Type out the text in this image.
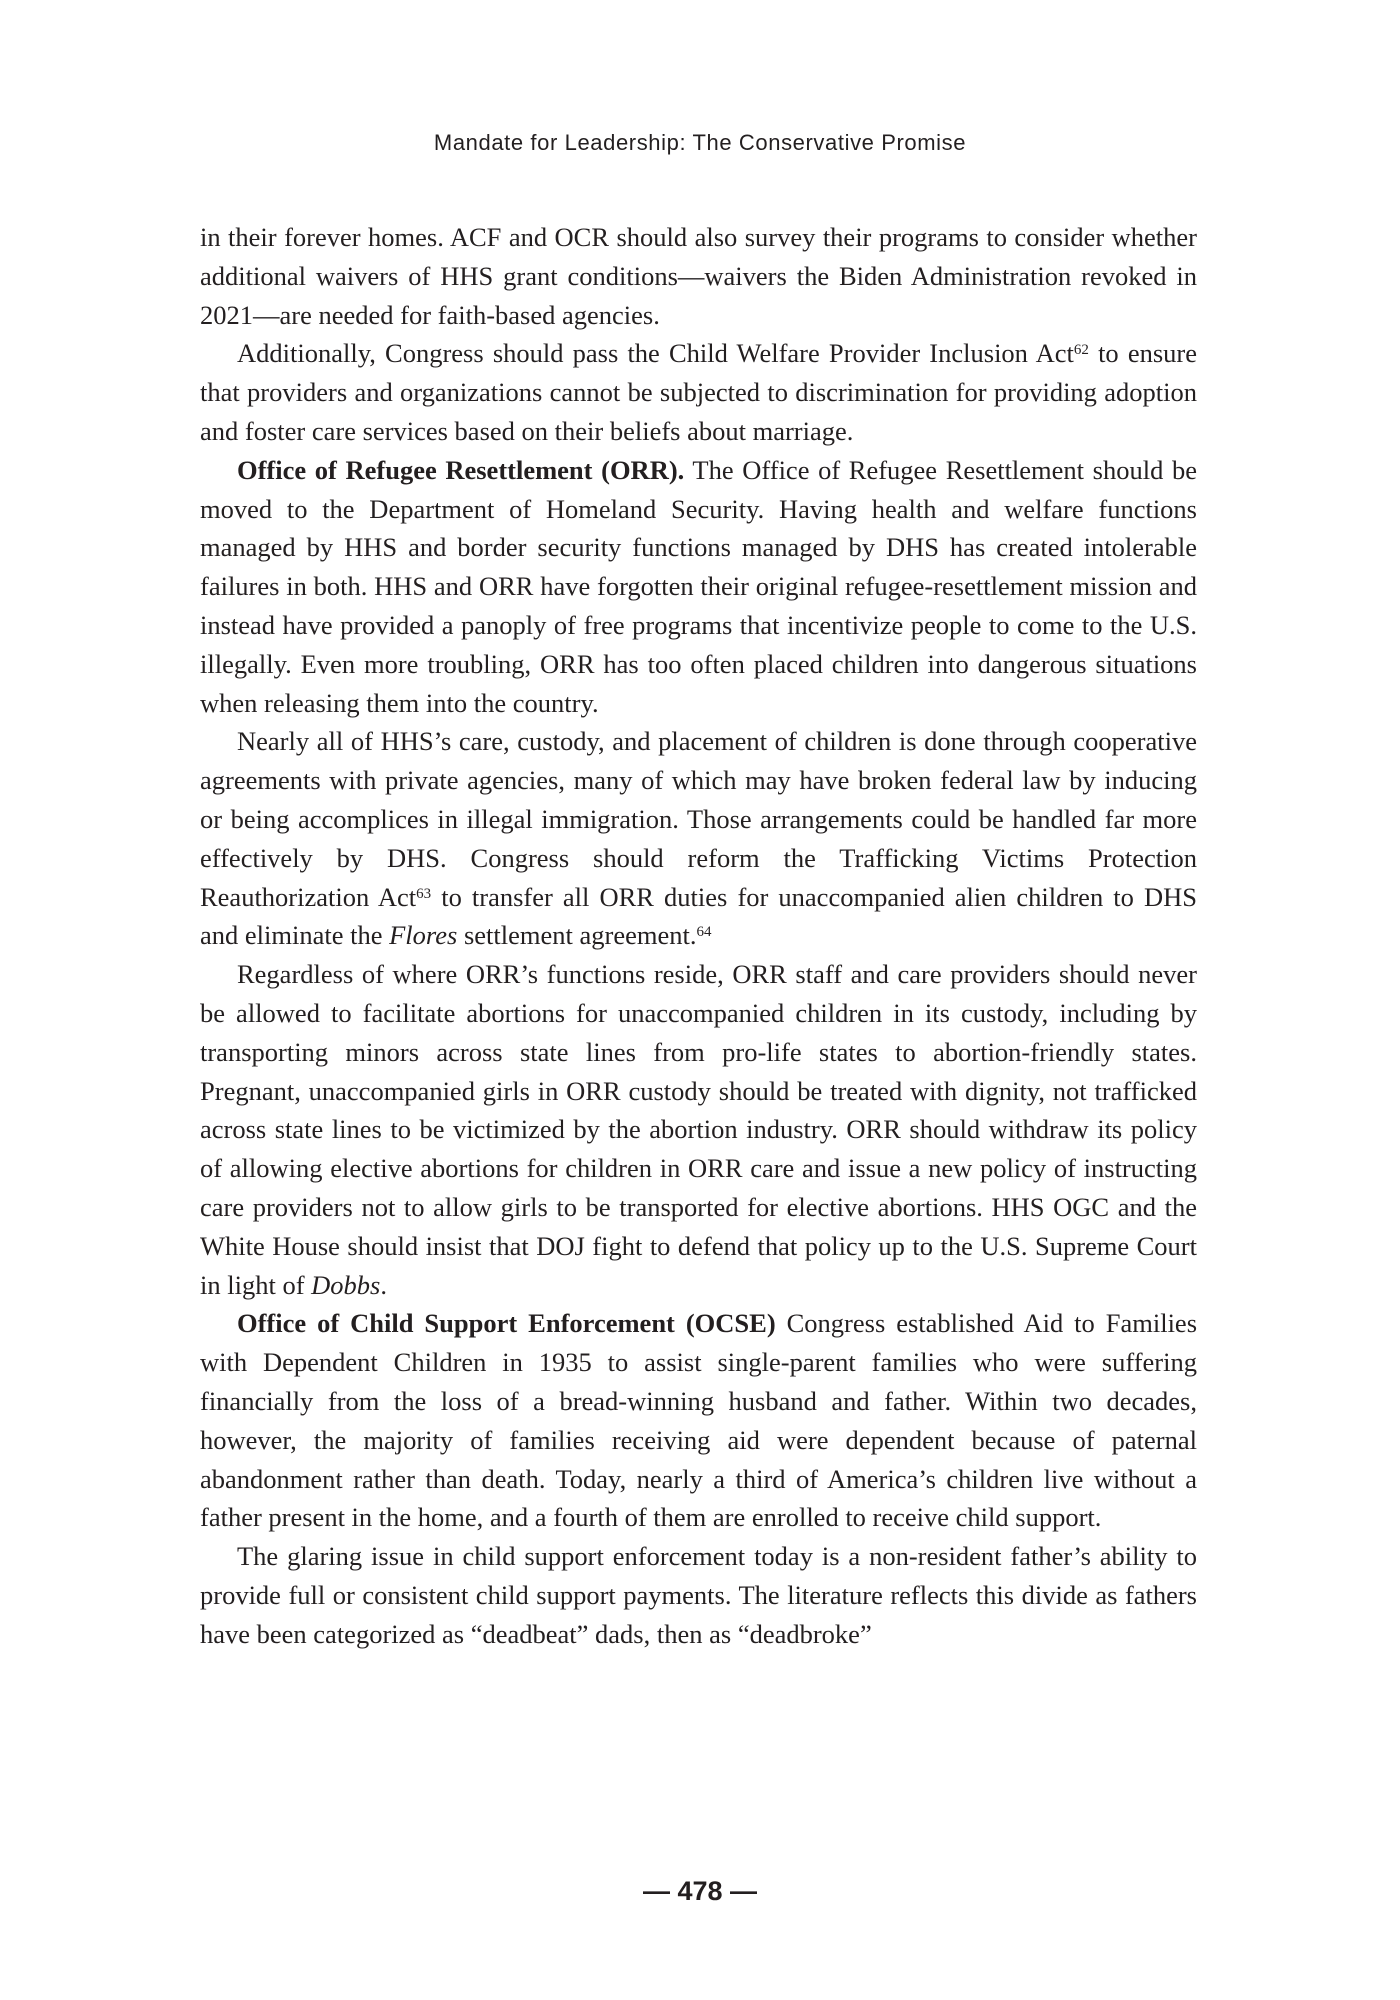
Mandate for Leadership: The Conservative Promise

in their forever homes. ACF and OCR should also survey their programs to consider whether additional waivers of HHS grant conditions—waivers the Biden Administration revoked in 2021—are needed for faith-based agencies.

Additionally, Congress should pass the Child Welfare Provider Inclusion Act$^{62}$ to ensure that providers and organizations cannot be subjected to discrimination for providing adoption and foster care services based on their beliefs about marriage.

Office of Refugee Resettlement (ORR). The Office of Refugee Resettlement should be moved to the Department of Homeland Security. Having health and welfare functions managed by HHS and border security functions managed by DHS has created intolerable failures in both. HHS and ORR have forgotten their original refugee-resettlement mission and instead have provided a panoply of free programs that incentivize people to come to the U.S. illegally. Even more troubling, ORR has too often placed children into dangerous situations when releasing them into the country.

Nearly all of HHS’s care, custody, and placement of children is done through cooperative agreements with private agencies, many of which may have broken federal law by inducing or being accomplices in illegal immigration. Those arrangements could be handled far more effectively by DHS. Congress should reform the Trafficking Victims Protection Reauthorization Act$^{63}$ to transfer all ORR duties for unaccompanied alien children to DHS and eliminate the Flores settlement agreement.$^{64}$

Regardless of where ORR’s functions reside, ORR staff and care providers should never be allowed to facilitate abortions for unaccompanied children in its custody, including by transporting minors across state lines from pro-life states to abortion-friendly states. Pregnant, unaccompanied girls in ORR custody should be treated with dignity, not trafficked across state lines to be victimized by the abortion industry. ORR should withdraw its policy of allowing elective abortions for children in ORR care and issue a new policy of instructing care providers not to allow girls to be transported for elective abortions. HHS OGC and the White House should insist that DOJ fight to defend that policy up to the U.S. Supreme Court in light of Dobbs.

Office of Child Support Enforcement (OCSE) Congress established Aid to Families with Dependent Children in 1935 to assist single-parent families who were suffering financially from the loss of a bread-winning husband and father. Within two decades, however, the majority of families receiving aid were dependent because of paternal abandonment rather than death. Today, nearly a third of America’s children live without a father present in the home, and a fourth of them are enrolled to receive child support.

The glaring issue in child support enforcement today is a non-resident father’s ability to provide full or consistent child support payments. The literature reflects this divide as fathers have been categorized as “deadbeat” dads, then as “deadbroke”

— 478 —
